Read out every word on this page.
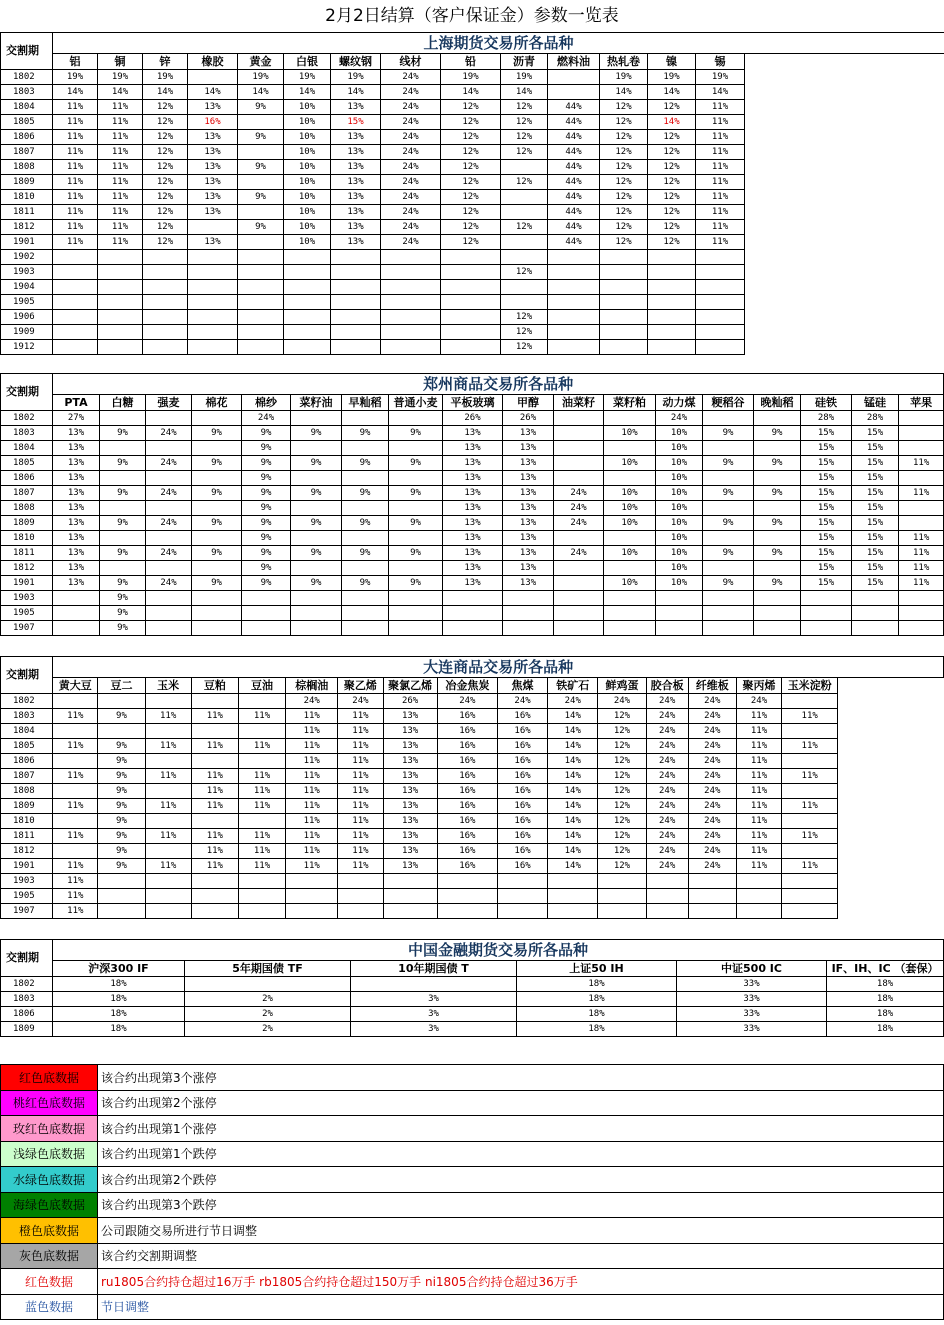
2月2日结算（客户保证金）参数一览表
交割期	上海期货交易所各品种														
	铝	铜	锌	橡胶	黄金	白银	螺纹钢	线材	铅	沥青	燃料油	热轧卷	镍	锡	
1802	19%	19%	19%		19%	19%	19%	24%	19%	19%		19%	19%	19%	
1803	14%	14%	14%	14%	14%	14%	14%	24%	14%	14%		14%	14%	14%	
1804	11%	11%	12%	13%	9%	10%	13%	24%	12%	12%	44%	12%	12%	11%	
1805	11%	11%	12%	16%		10%	15%	24%	12%	12%	44%	12%	14%	11%	
1806	11%	11%	12%	13%	9%	10%	13%	24%	12%	12%	44%	12%	12%	11%	
1807	11%	11%	12%	13%		10%	13%	24%	12%	12%	44%	12%	12%	11%	
1808	11%	11%	12%	13%	9%	10%	13%	24%	12%		44%	12%	12%	11%	
1809	11%	11%	12%	13%		10%	13%	24%	12%	12%	44%	12%	12%	11%	
1810	11%	11%	12%	13%	9%	10%	13%	24%	12%		44%	12%	12%	11%	
1811	11%	11%	12%	13%		10%	13%	24%	12%		44%	12%	12%	11%	
1812	11%	11%	12%		9%	10%	13%	24%	12%	12%	44%	12%	12%	11%	
1901	11%	11%	12%	13%		10%	13%	24%	12%		44%	12%	12%	11%	
1902															
1903										12%					
1904															
1905															
1906										12%					
1909										12%					
1912										12%					
交割期	郑州商品交易所各品种																	
	PTA	白糖	强麦	棉花	棉纱	菜籽油	早籼稻	普通小麦	平板玻璃	甲醇	油菜籽	菜籽粕	动力煤	粳稻谷	晚籼稻	硅铁	锰硅	苹果
1802	27%				24%				26%	26%			24%			28%	28%	
1803	13%	9%	24%	9%	9%	9%	9%	9%	13%	13%		10%	10%	9%	9%	15%	15%	
1804	13%				9%				13%	13%			10%			15%	15%	
1805	13%	9%	24%	9%	9%	9%	9%	9%	13%	13%		10%	10%	9%	9%	15%	15%	11%
1806	13%				9%				13%	13%			10%			15%	15%	
1807	13%	9%	24%	9%	9%	9%	9%	9%	13%	13%	24%	10%	10%	9%	9%	15%	15%	11%
1808	13%				9%				13%	13%	24%	10%	10%			15%	15%	
1809	13%	9%	24%	9%	9%	9%	9%	9%	13%	13%	24%	10%	10%	9%	9%	15%	15%	
1810	13%				9%				13%	13%			10%			15%	15%	11%
1811	13%	9%	24%	9%	9%	9%	9%	9%	13%	13%	24%	10%	10%	9%	9%	15%	15%	11%
1812	13%				9%				13%	13%			10%			15%	15%	11%
1901	13%	9%	24%	9%	9%	9%	9%	9%	13%	13%		10%	10%	9%	9%	15%	15%	11%
1903		9%																
1905		9%																
1907		9%																
交割期	大连商品交易所各品种																
	黄大豆	豆二	玉米	豆粕	豆油	棕榈油	聚乙烯	聚氯乙烯	冶金焦炭	焦煤	铁矿石	鲜鸡蛋	胶合板	纤维板	聚丙烯	玉米淀粉	
1802						24%	24%	26%	24%	24%	24%	24%	24%	24%	24%		
1803	11%	9%	11%	11%	11%	11%	11%	13%	16%	16%	14%	12%	24%	24%	11%	11%	
1804						11%	11%	13%	16%	16%	14%	12%	24%	24%	11%		
1805	11%	9%	11%	11%	11%	11%	11%	13%	16%	16%	14%	12%	24%	24%	11%	11%	
1806		9%				11%	11%	13%	16%	16%	14%	12%	24%	24%	11%		
1807	11%	9%	11%	11%	11%	11%	11%	13%	16%	16%	14%	12%	24%	24%	11%	11%	
1808		9%		11%	11%	11%	11%	13%	16%	16%	14%	12%	24%	24%	11%		
1809	11%	9%	11%	11%	11%	11%	11%	13%	16%	16%	14%	12%	24%	24%	11%	11%	
1810		9%				11%	11%	13%	16%	16%	14%	12%	24%	24%	11%		
1811	11%	9%	11%	11%	11%	11%	11%	13%	16%	16%	14%	12%	24%	24%	11%	11%	
1812		9%		11%	11%	11%	11%	13%	16%	16%	14%	12%	24%	24%	11%		
1901	11%	9%	11%	11%	11%	11%	11%	13%	16%	16%	14%	12%	24%	24%	11%	11%	
1903	11%																
1905	11%																
1907	11%																
交割期	中国金融期货交易所各品种					
	沪深300 IF	5年期国债 TF	10年期国债 T	上证50 IH	中证500 IC	IF、IH、IC （套保）
1802	18%			18%	33%	18%
1803	18%	2%	3%	18%	33%	18%
1806	18%	2%	3%	18%	33%	18%
1809	18%	2%	3%	18%	33%	18%
红色底数据	该合约出现第3个涨停
桃红色底数据	该合约出现第2个涨停
玫红色底数据	该合约出现第1个涨停
浅绿色底数据	该合约出现第1个跌停
水绿色底数据	该合约出现第2个跌停
海绿色底数据	该合约出现第3个跌停
橙色底数据	公司跟随交易所进行节日调整
灰色底数据	该合约交割期调整
红色数据	ru1805合约持仓超过16万手 rb1805合约持仓超过150万手 ni1805合约持仓超过36万手
蓝色数据	节日调整
